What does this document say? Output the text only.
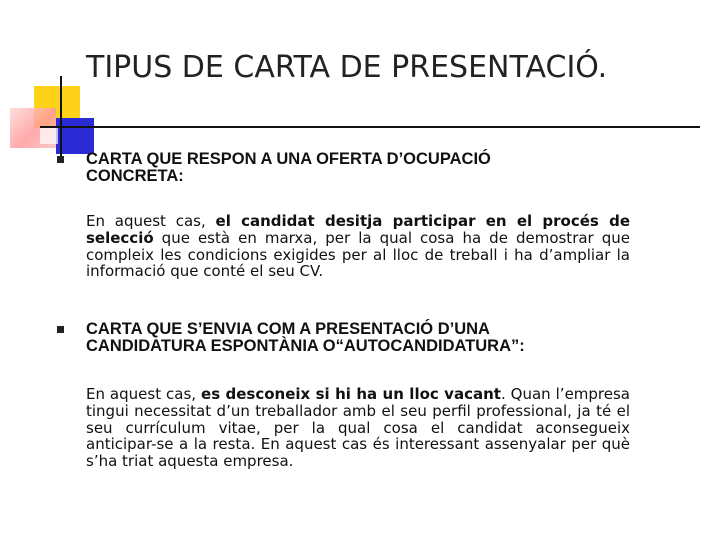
TIPUS DE CARTA DE PRESENTACIÓ.
CARTA QUE RESPON A UNA OFERTA D’OCUPACIÓ
CONCRETA:
En aquest cas, el candidat desitja participar en el procés de selecció que està en marxa, per la qual cosa ha de demostrar que compleix les condicions exigides per al lloc de treball i ha d’ampliar la informació que conté el seu CV.
CARTA QUE S’ENVIA COM A PRESENTACIÓ D’UNA
CANDIDATURA ESPONTÀNIA O“AUTOCANDIDATURA”:
En aquest cas, es desconeix si hi ha un lloc vacant. Quan l’empresa tingui necessitat d’un treballador amb el seu perfil professional, ja té el seu currículum vitae, per la qual cosa el candidat aconsegueix anticipar-se a la resta. En aquest cas és interessant assenyalar per què s’ha triat aquesta empresa.
